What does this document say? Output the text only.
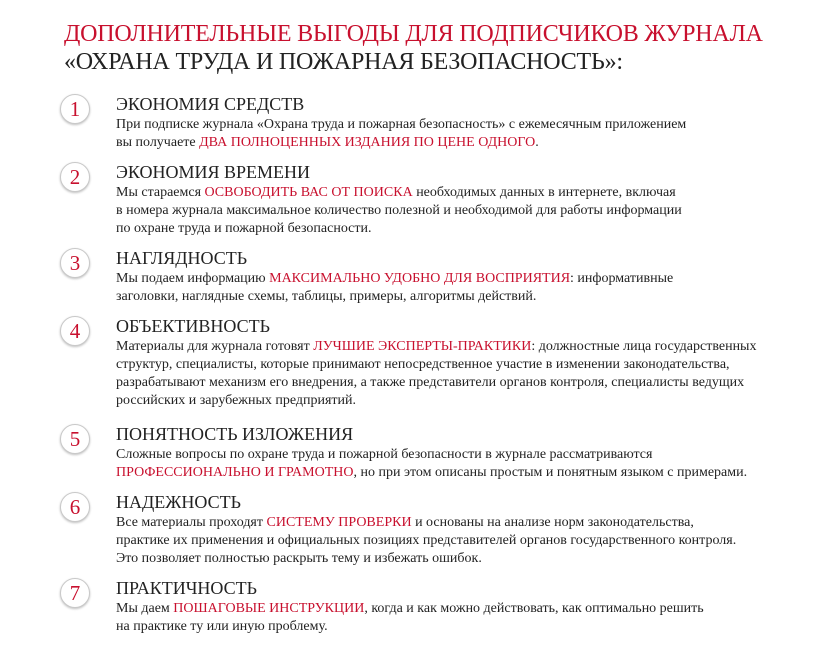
ДОПОЛНИТЕЛЬНЫЕ ВЫГОДЫ ДЛЯ ПОДПИСЧИКОВ ЖУРНАЛА
«ОХРАНА ТРУДА И ПОЖАРНАЯ БЕЗОПАСНОСТЬ»:
1	ЭКОНОМИЯ СРЕДСТВ
При подписке журнала «Охрана труда и пожарная безопасность» с ежемесячным приложением
вы получаете ДВА ПОЛНОЦЕННЫХ ИЗДАНИЯ ПО ЦЕНЕ ОДНОГО.
2	ЭКОНОМИЯ ВРЕМЕНИ
Мы стараемся ОСВОБОДИТЬ ВАС ОТ ПОИСКА необходимых данных в интернете, включая
в номера журнала максимальное количество полезной и необходимой для работы информации
по охране труда и пожарной безопасности.
3	НАГЛЯДНОСТЬ
Мы подаем информацию МАКСИМАЛЬНО УДОБНО ДЛЯ ВОСПРИЯТИЯ: информативные
заголовки, наглядные схемы, таблицы, примеры, алгоритмы действий.
4	ОБЪЕКТИВНОСТЬ
Материалы для журнала готовят ЛУЧШИЕ ЭКСПЕРТЫ-ПРАКТИКИ: должностные лица государственных
структур, специалисты, которые принимают непосредственное участие в изменении законодательства,
разрабатывают механизм его внедрения, а также представители органов контроля, специалисты ведущих
российских и зарубежных предприятий.
5	ПОНЯТНОСТЬ ИЗЛОЖЕНИЯ
Сложные вопросы по охране труда и пожарной безопасности в журнале рассматриваются
ПРОФЕССИОНАЛЬНО И ГРАМОТНО, но при этом описаны простым и понятным языком с примерами.
6	НАДЕЖНОСТЬ
Все материалы проходят СИСТЕМУ ПРОВЕРКИ и основаны на анализе норм законодательства,
практике их применения и официальных позициях представителей органов государственного контроля.
Это позволяет полностью раскрыть тему и избежать ошибок.
7	ПРАКТИЧНОСТЬ
Мы даем ПОШАГОВЫЕ ИНСТРУКЦИИ, когда и как можно действовать, как оптимально решить
на практике ту или иную проблему.
